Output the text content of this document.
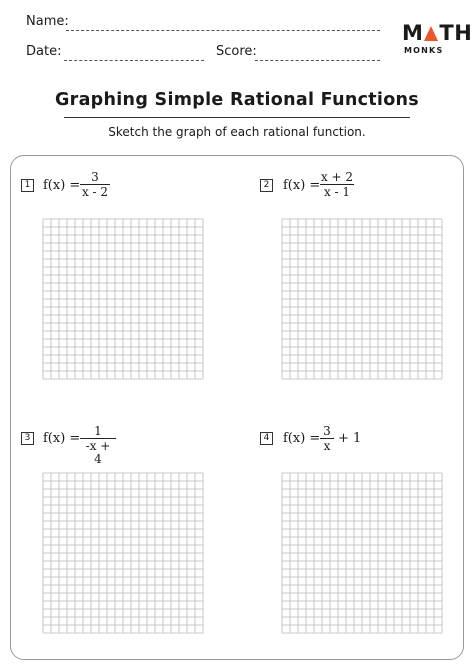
Name:
Date:	Score:
M TH
MONKS
Graphing Simple Rational Functions
Sketch the graph of each rational function.
1 $f(x) = \frac{3}{x - 2}$	2 $f(x) = \frac{x + 2}{x - 1}$
3 $f(x) = \frac{1}{-x + 4}$	4 $f(x) = \frac{3}{x} + 1$
